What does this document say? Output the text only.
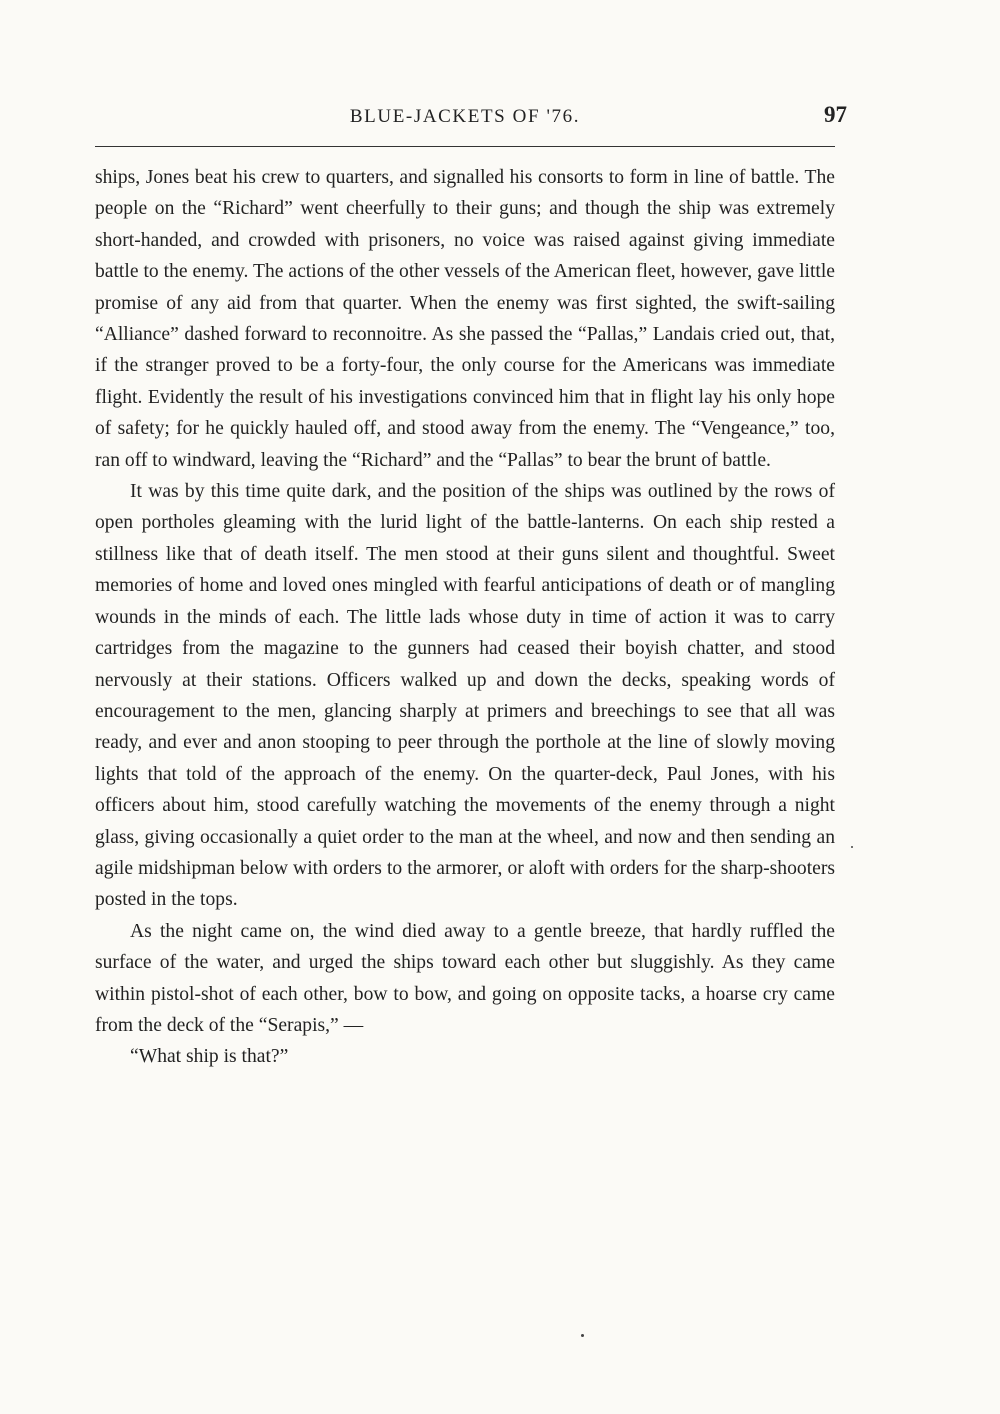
BLUE-JACKETS OF '76.	97

ships, Jones beat his crew to quarters, and signalled his consorts to form in line of battle. The people on the “Richard” went cheerfully to their guns; and though the ship was extremely short-handed, and crowded with prisoners, no voice was raised against giving immediate battle to the enemy. The actions of the other vessels of the American fleet, however, gave little promise of any aid from that quarter. When the enemy was first sighted, the swift-sailing “Alliance” dashed forward to reconnoitre. As she passed the “Pallas,” Landais cried out, that, if the stranger proved to be a forty-four, the only course for the Americans was immediate flight. Evidently the result of his investigations convinced him that in flight lay his only hope of safety; for he quickly hauled off, and stood away from the enemy. The “Vengeance,” too, ran off to windward, leaving the “Richard” and the “Pallas” to bear the brunt of battle.

It was by this time quite dark, and the position of the ships was outlined by the rows of open portholes gleaming with the lurid light of the battle-lanterns. On each ship rested a stillness like that of death itself. The men stood at their guns silent and thoughtful. Sweet memories of home and loved ones mingled with fearful anticipations of death or of mangling wounds in the minds of each. The little lads whose duty in time of action it was to carry cartridges from the magazine to the gunners had ceased their boyish chatter, and stood nervously at their stations. Officers walked up and down the decks, speaking words of encouragement to the men, glancing sharply at primers and breechings to see that all was ready, and ever and anon stooping to peer through the porthole at the line of slowly moving lights that told of the approach of the enemy. On the quarter-deck, Paul Jones, with his officers about him, stood carefully watching the movements of the enemy through a night glass, giving occasionally a quiet order to the man at the wheel, and now and then sending an agile midshipman below with orders to the armorer, or aloft with orders for the sharp-shooters posted in the tops.

As the night came on, the wind died away to a gentle breeze, that hardly ruffled the surface of the water, and urged the ships toward each other but sluggishly. As they came within pistol-shot of each other, bow to bow, and going on opposite tacks, a hoarse cry came from the deck of the “Serapis,” —

“What ship is that?”
